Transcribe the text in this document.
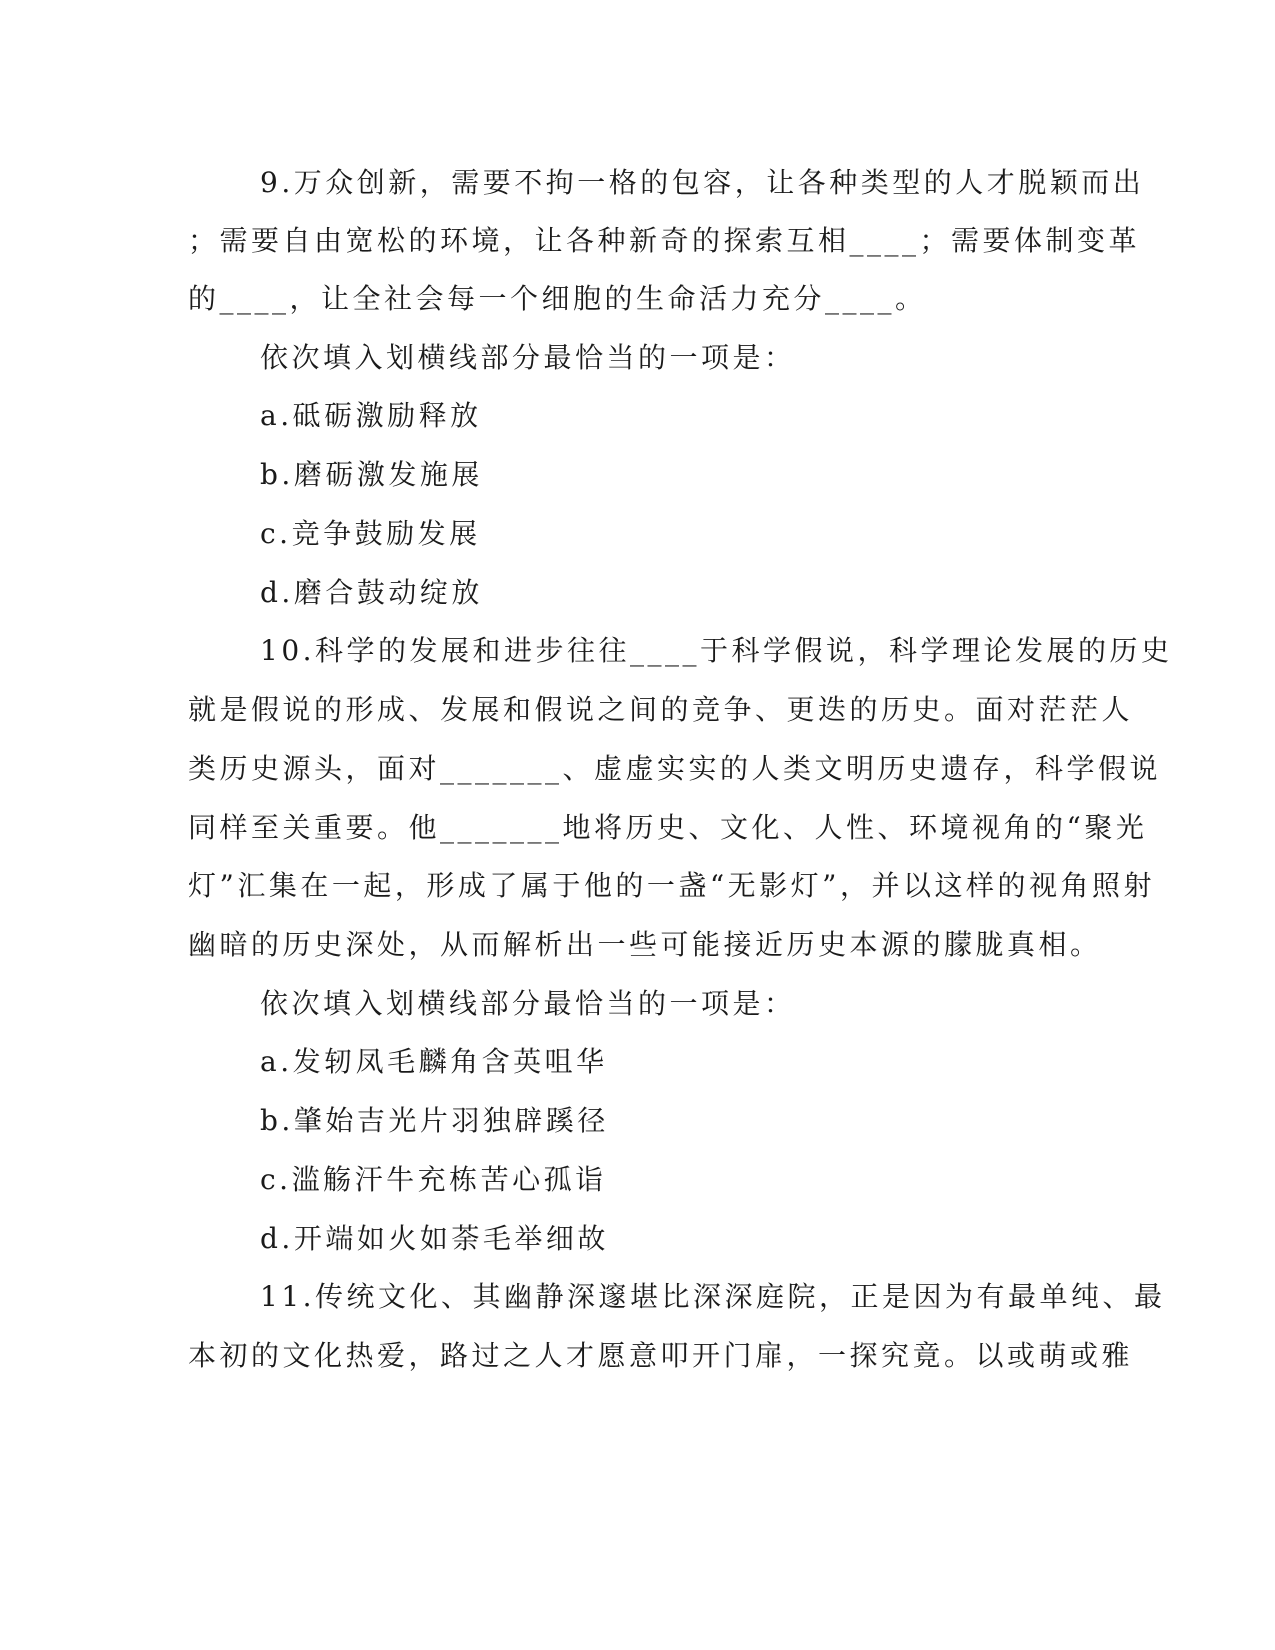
9.万众创新，需要不拘一格的包容，让各种类型的人才脱颖而出
；需要自由宽松的环境，让各种新奇的探索互相____；需要体制变革
的____，让全社会每一个细胞的生命活力充分____。
依次填入划横线部分最恰当的一项是：
a.砥砺激励释放
b.磨砺激发施展
c.竞争鼓励发展
d.磨合鼓动绽放
10.科学的发展和进步往往____于科学假说，科学理论发展的历史
就是假说的形成、发展和假说之间的竞争、更迭的历史。面对茫茫人
类历史源头，面对_______、虚虚实实的人类文明历史遗存，科学假说
同样至关重要。他_______地将历史、文化、人性、环境视角的“聚光
灯”汇集在一起，形成了属于他的一盏“无影灯”，并以这样的视角照射
幽暗的历史深处，从而解析出一些可能接近历史本源的朦胧真相。
依次填入划横线部分最恰当的一项是：
a.发轫凤毛麟角含英咀华
b.肇始吉光片羽独辟蹊径
c.滥觞汗牛充栋苦心孤诣
d.开端如火如荼毛举细故
11.传统文化、其幽静深邃堪比深深庭院，正是因为有最单纯、最
本初的文化热爱，路过之人才愿意叩开门扉，一探究竟。以或萌或雅
